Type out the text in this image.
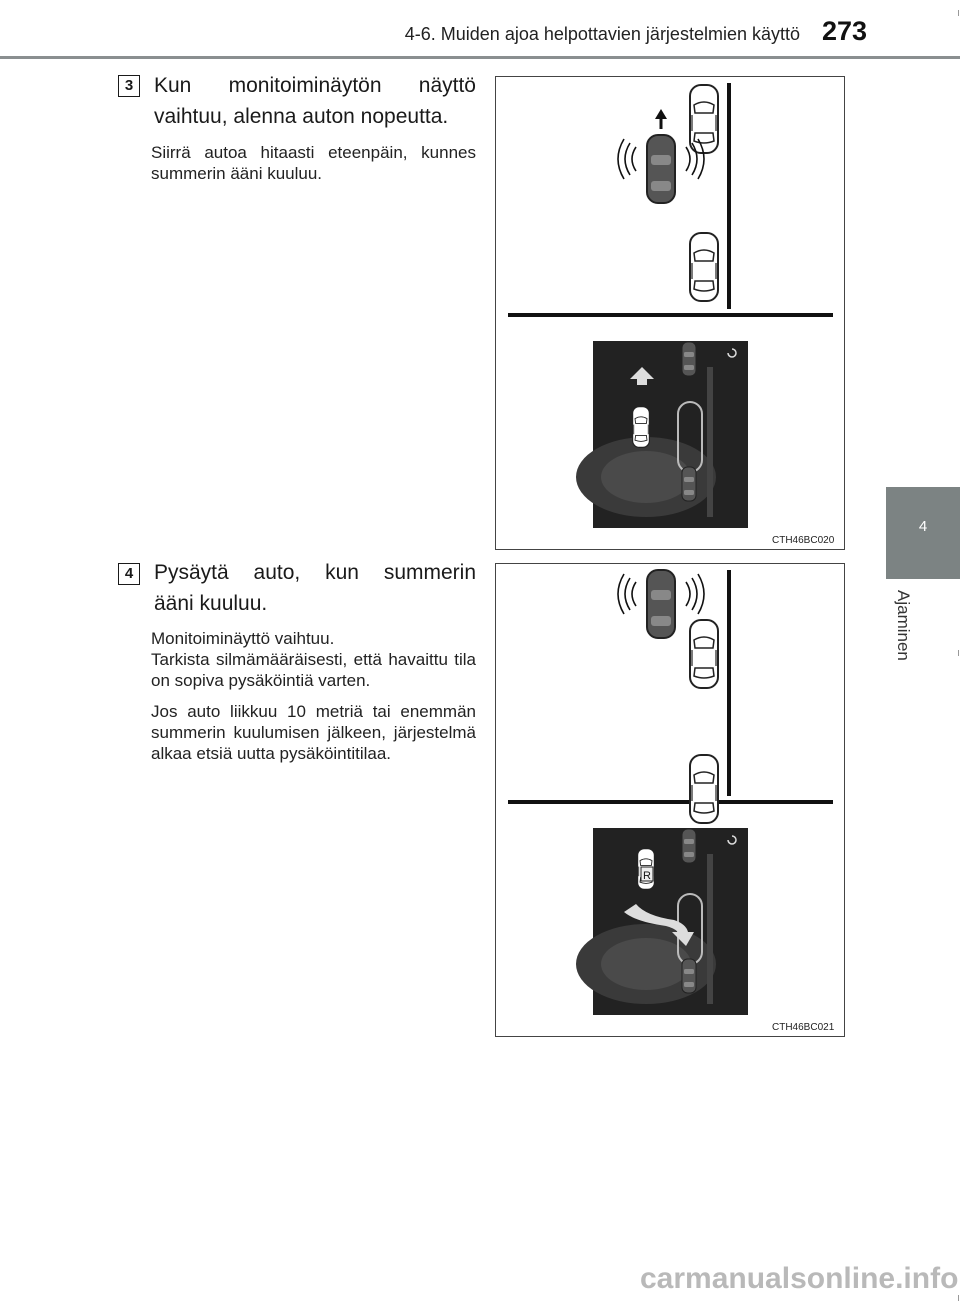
4-6. Muiden ajoa helpottavien järjestelmien käyttö 273
4
Ajaminen
3 Kun monitoiminäytön näyttö
vaihtuu, alenna auton nopeutta.

Siirrä autoa hitaasti eteenpäin, kunnes summerin ääni kuuluu.

CTH46BC020
4 Pysäytä auto, kun summerin
ääni kuuluu.

Monitoiminäyttö vaihtuu.

Tarkista silmämääräisesti, että havaittu tila on sopiva pysäköintiä varten.

Jos auto liikkuu 10 metriä tai enemmän summerin kuulumisen jälkeen, järjestelmä alkaa etsiä uutta pysäköintitilaa.

R
CTH46BC021
carmanualsonline.info
